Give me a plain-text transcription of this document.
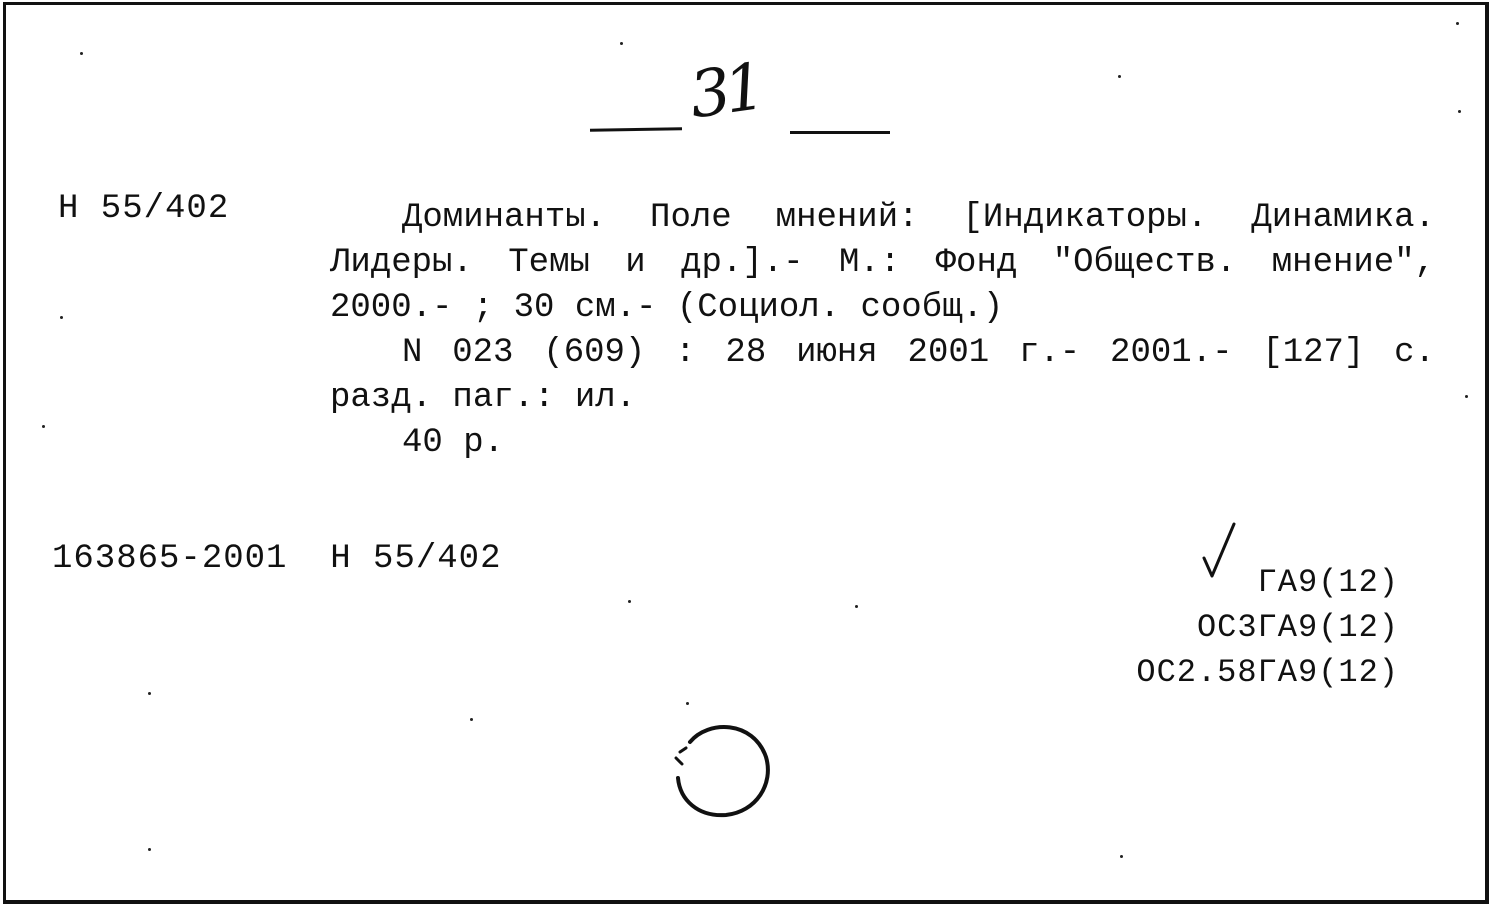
31
Н 55/402	Доминанты. Поле мнений: [Индикаторы. Динамика. Лидеры. Темы и др.].- М.: Фонд "Обществ. мнение", 2000.- ; 30 см.- (Социол. сообщ.)

N 023 (609) : 28 июня 2001 г.- 2001.- [127] с. разд. паг.: ил.

40 р.

163865-2001 Н 55/402
ГА9(12)
ОС3ГА9(12)
ОС2.58ГА9(12)
